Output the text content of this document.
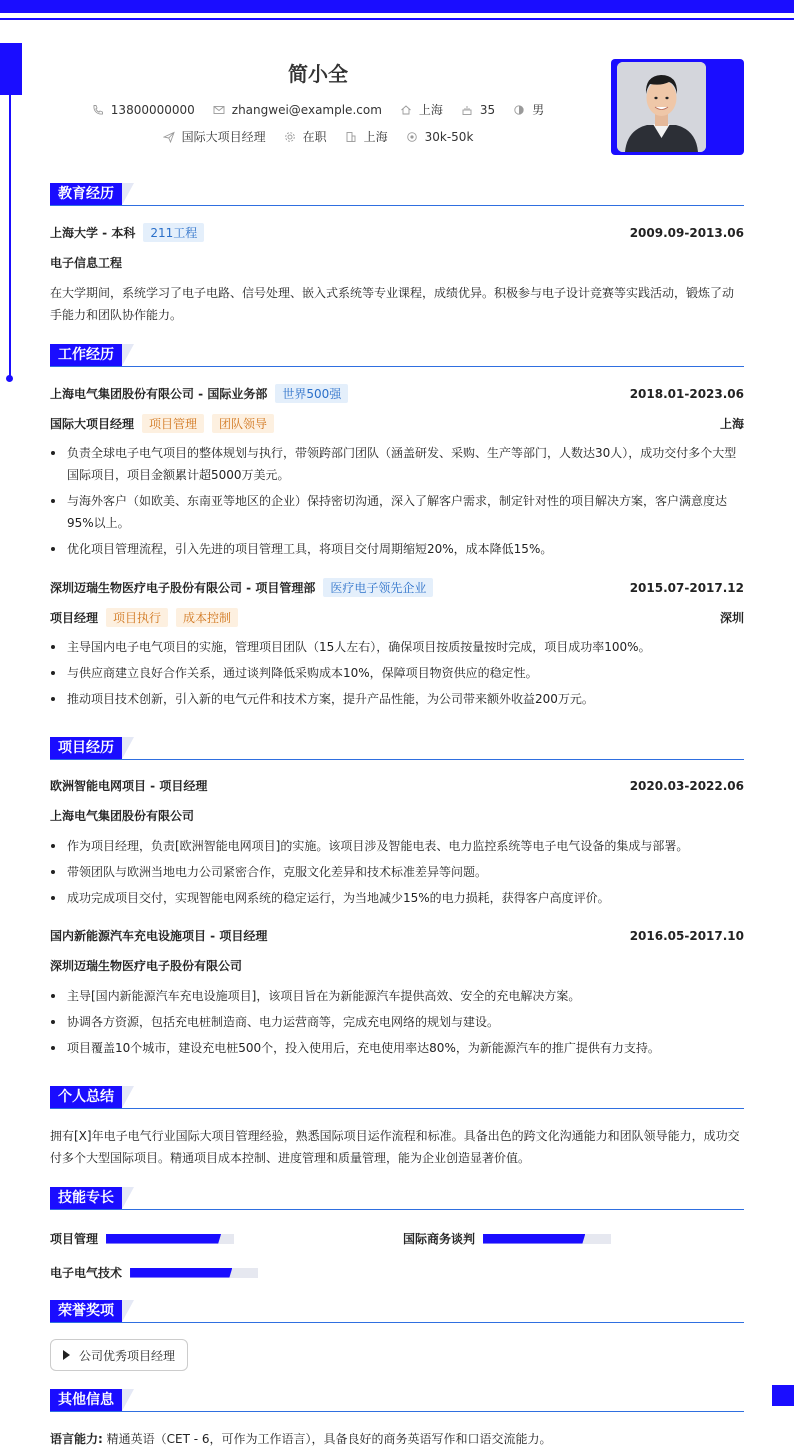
简小全
13800000000	zhangwei@example.com	上海	35	男
国际大项目经理	在职	上海	30k-50k
教育经历
上海大学 - 本科	211工程	2009.09-2013.06
电子信息工程
在大学期间，系统学习了电子电路、信号处理、嵌入式系统等专业课程，成绩优异。积极参与电子设计竞赛等实践活动，锻炼了动手能力和团队协作能力。
工作经历
上海电气集团股份有限公司 - 国际业务部	世界500强	2018.01-2023.06
国际大项目经理	项目管理	团队领导	上海
负责全球电子电气项目的整体规划与执行，带领跨部门团队（涵盖研发、采购、生产等部门，人数达30人），成功交付多个大型国际项目，项目金额累计超5000万美元。
与海外客户（如欧美、东南亚等地区的企业）保持密切沟通，深入了解客户需求，制定针对性的项目解决方案，客户满意度达95%以上。
优化项目管理流程，引入先进的项目管理工具，将项目交付周期缩短20%，成本降低15%。
深圳迈瑞生物医疗电子股份有限公司 - 项目管理部	医疗电子领先企业	2015.07-2017.12
项目经理	项目执行	成本控制	深圳
主导国内电子电气项目的实施，管理项目团队（15人左右），确保项目按质按量按时完成，项目成功率100%。
与供应商建立良好合作关系，通过谈判降低采购成本10%，保障项目物资供应的稳定性。
推动项目技术创新，引入新的电气元件和技术方案，提升产品性能，为公司带来额外收益200万元。
项目经历
欧洲智能电网项目 - 项目经理	2020.03-2022.06
上海电气集团股份有限公司
作为项目经理，负责[欧洲智能电网项目]的实施。该项目涉及智能电表、电力监控系统等电子电气设备的集成与部署。
带领团队与欧洲当地电力公司紧密合作，克服文化差异和技术标准差异等问题。
成功完成项目交付，实现智能电网系统的稳定运行，为当地减少15%的电力损耗，获得客户高度评价。
国内新能源汽车充电设施项目 - 项目经理	2016.05-2017.10
深圳迈瑞生物医疗电子股份有限公司
主导[国内新能源汽车充电设施项目]，该项目旨在为新能源汽车提供高效、安全的充电解决方案。
协调各方资源，包括充电桩制造商、电力运营商等，完成充电网络的规划与建设。
项目覆盖10个城市，建设充电桩500个，投入使用后，充电使用率达80%，为新能源汽车的推广提供有力支持。
个人总结
拥有[X]年电子电气行业国际大项目管理经验，熟悉国际项目运作流程和标准。具备出色的跨文化沟通能力和团队领导能力，成功交付多个大型国际项目。精通项目成本控制、进度管理和质量管理，能为企业创造显著价值。
技能专长
项目管理	国际商务谈判
电子电气技术
荣誉奖项
公司优秀项目经理
其他信息
语言能力: 精通英语（CET - 6，可作为工作语言），具备良好的商务英语写作和口语交流能力。
